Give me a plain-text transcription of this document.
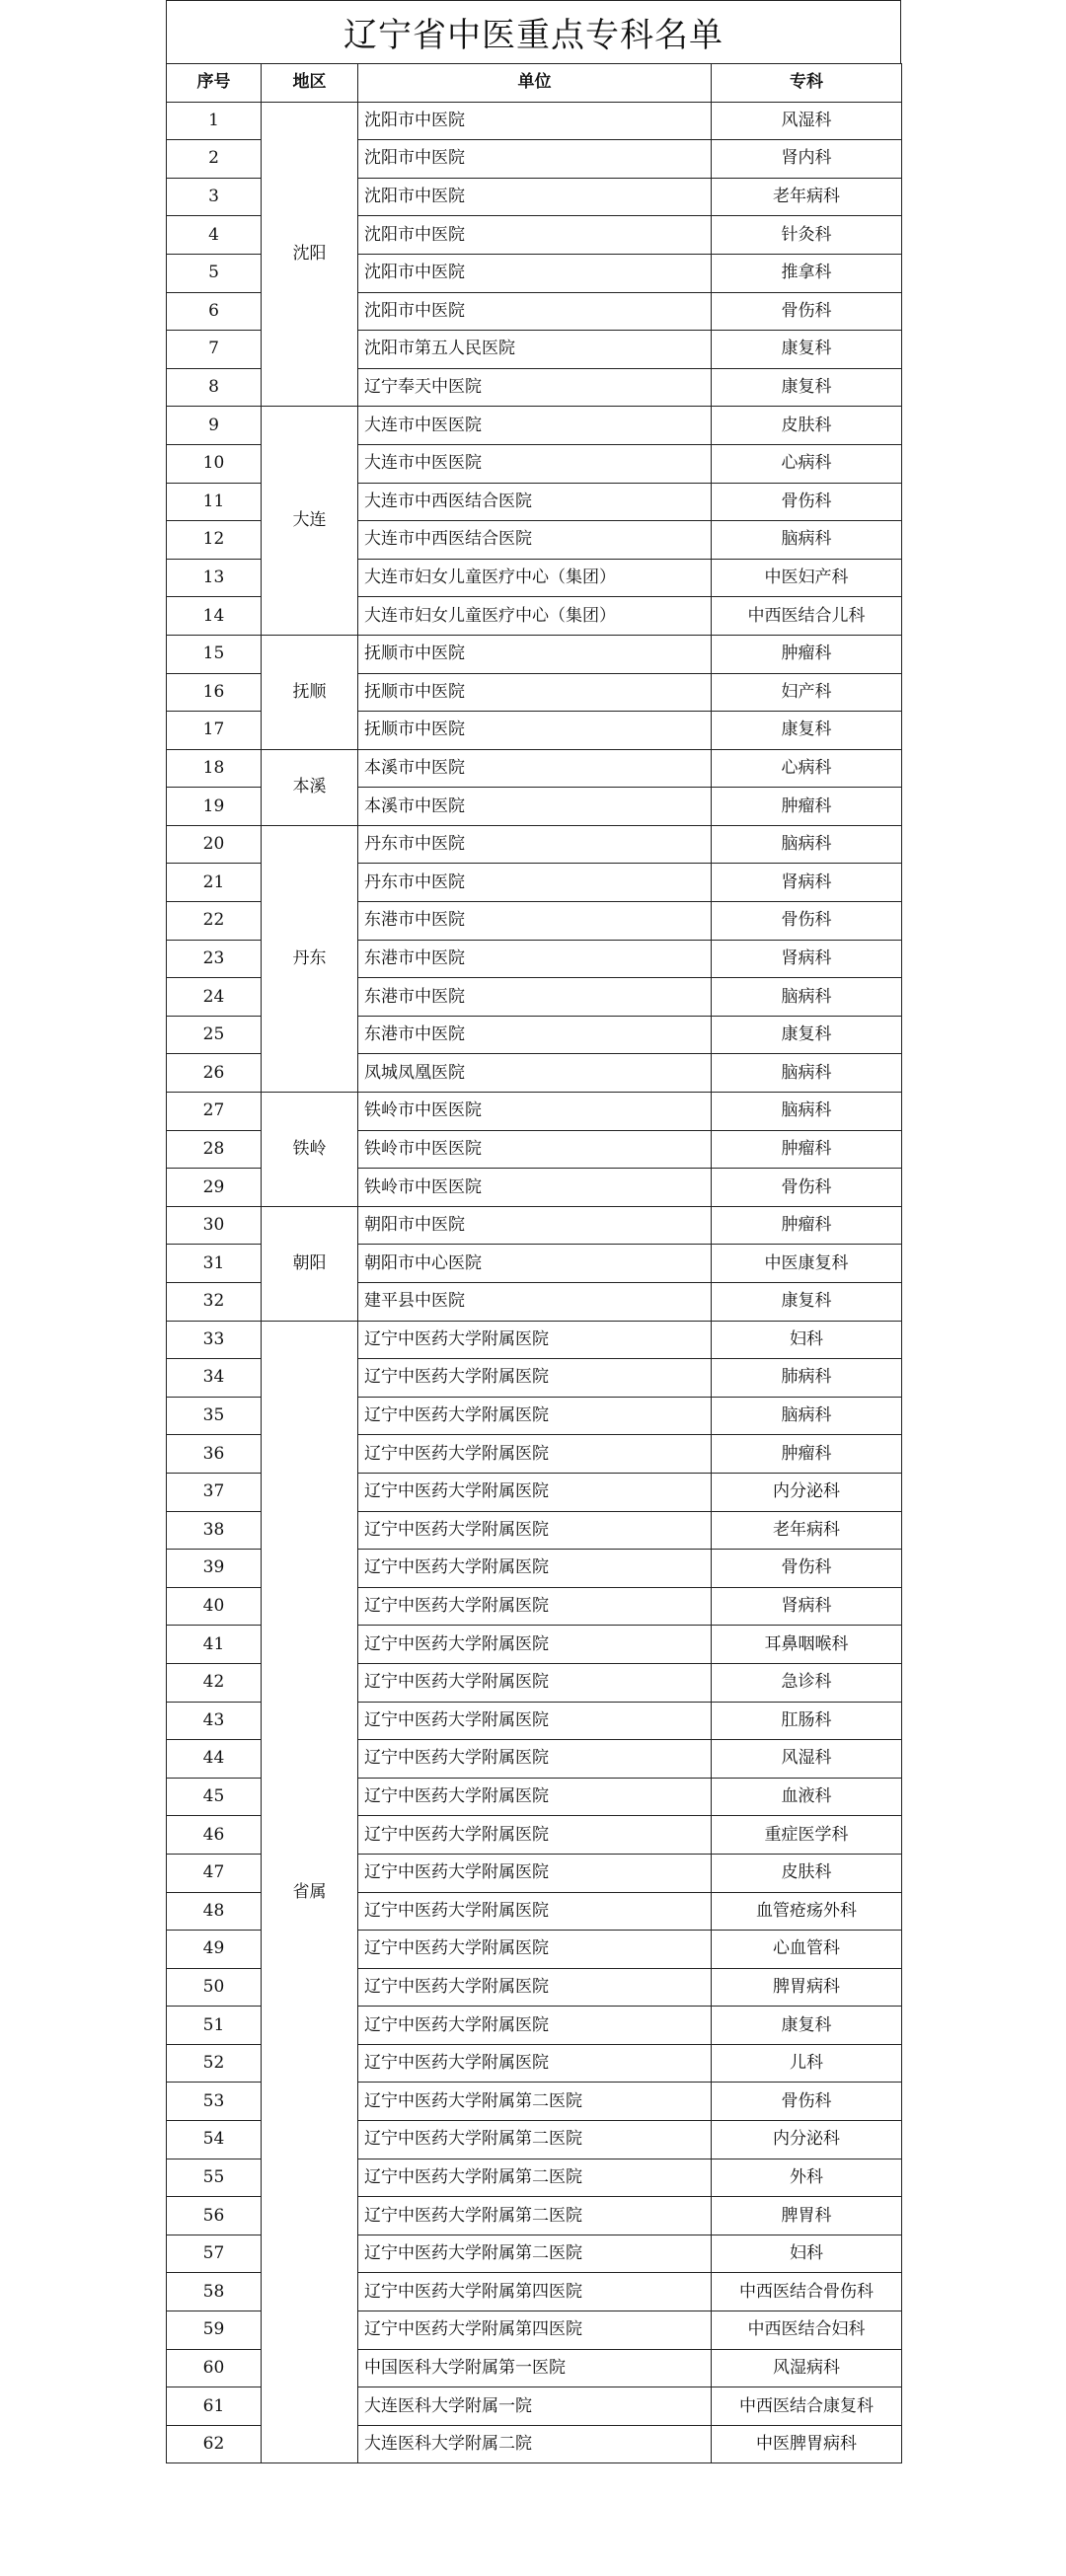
辽宁省中医重点专科名单
序号	地区	单位	专科
1	沈阳	沈阳市中医院	风湿科
2		沈阳市中医院	肾内科
3		沈阳市中医院	老年病科
4		沈阳市中医院	针灸科
5		沈阳市中医院	推拿科
6		沈阳市中医院	骨伤科
7		沈阳市第五人民医院	康复科
8		辽宁奉天中医院	康复科
9	大连	大连市中医医院	皮肤科
10		大连市中医医院	心病科
11		大连市中西医结合医院	骨伤科
12		大连市中西医结合医院	脑病科
13		大连市妇女儿童医疗中心（集团）	中医妇产科
14		大连市妇女儿童医疗中心（集团）	中西医结合儿科
15	抚顺	抚顺市中医院	肿瘤科
16		抚顺市中医院	妇产科
17		抚顺市中医院	康复科
18	本溪	本溪市中医院	心病科
19		本溪市中医院	肿瘤科
20	丹东	丹东市中医院	脑病科
21		丹东市中医院	肾病科
22		东港市中医院	骨伤科
23		东港市中医院	肾病科
24		东港市中医院	脑病科
25		东港市中医院	康复科
26		凤城凤凰医院	脑病科
27	铁岭	铁岭市中医医院	脑病科
28		铁岭市中医医院	肿瘤科
29		铁岭市中医医院	骨伤科
30	朝阳	朝阳市中医院	肿瘤科
31		朝阳市中心医院	中医康复科
32		建平县中医院	康复科
33	省属	辽宁中医药大学附属医院	妇科
34		辽宁中医药大学附属医院	肺病科
35		辽宁中医药大学附属医院	脑病科
36		辽宁中医药大学附属医院	肿瘤科
37		辽宁中医药大学附属医院	内分泌科
38		辽宁中医药大学附属医院	老年病科
39		辽宁中医药大学附属医院	骨伤科
40		辽宁中医药大学附属医院	肾病科
41		辽宁中医药大学附属医院	耳鼻咽喉科
42		辽宁中医药大学附属医院	急诊科
43		辽宁中医药大学附属医院	肛肠科
44		辽宁中医药大学附属医院	风湿科
45		辽宁中医药大学附属医院	血液科
46		辽宁中医药大学附属医院	重症医学科
47		辽宁中医药大学附属医院	皮肤科
48		辽宁中医药大学附属医院	血管疮疡外科
49		辽宁中医药大学附属医院	心血管科
50		辽宁中医药大学附属医院	脾胃病科
51		辽宁中医药大学附属医院	康复科
52		辽宁中医药大学附属医院	儿科
53		辽宁中医药大学附属第二医院	骨伤科
54		辽宁中医药大学附属第二医院	内分泌科
55		辽宁中医药大学附属第二医院	外科
56		辽宁中医药大学附属第二医院	脾胃科
57		辽宁中医药大学附属第二医院	妇科
58		辽宁中医药大学附属第四医院	中西医结合骨伤科
59		辽宁中医药大学附属第四医院	中西医结合妇科
60		中国医科大学附属第一医院	风湿病科
61		大连医科大学附属一院	中西医结合康复科
62		大连医科大学附属二院	中医脾胃病科
